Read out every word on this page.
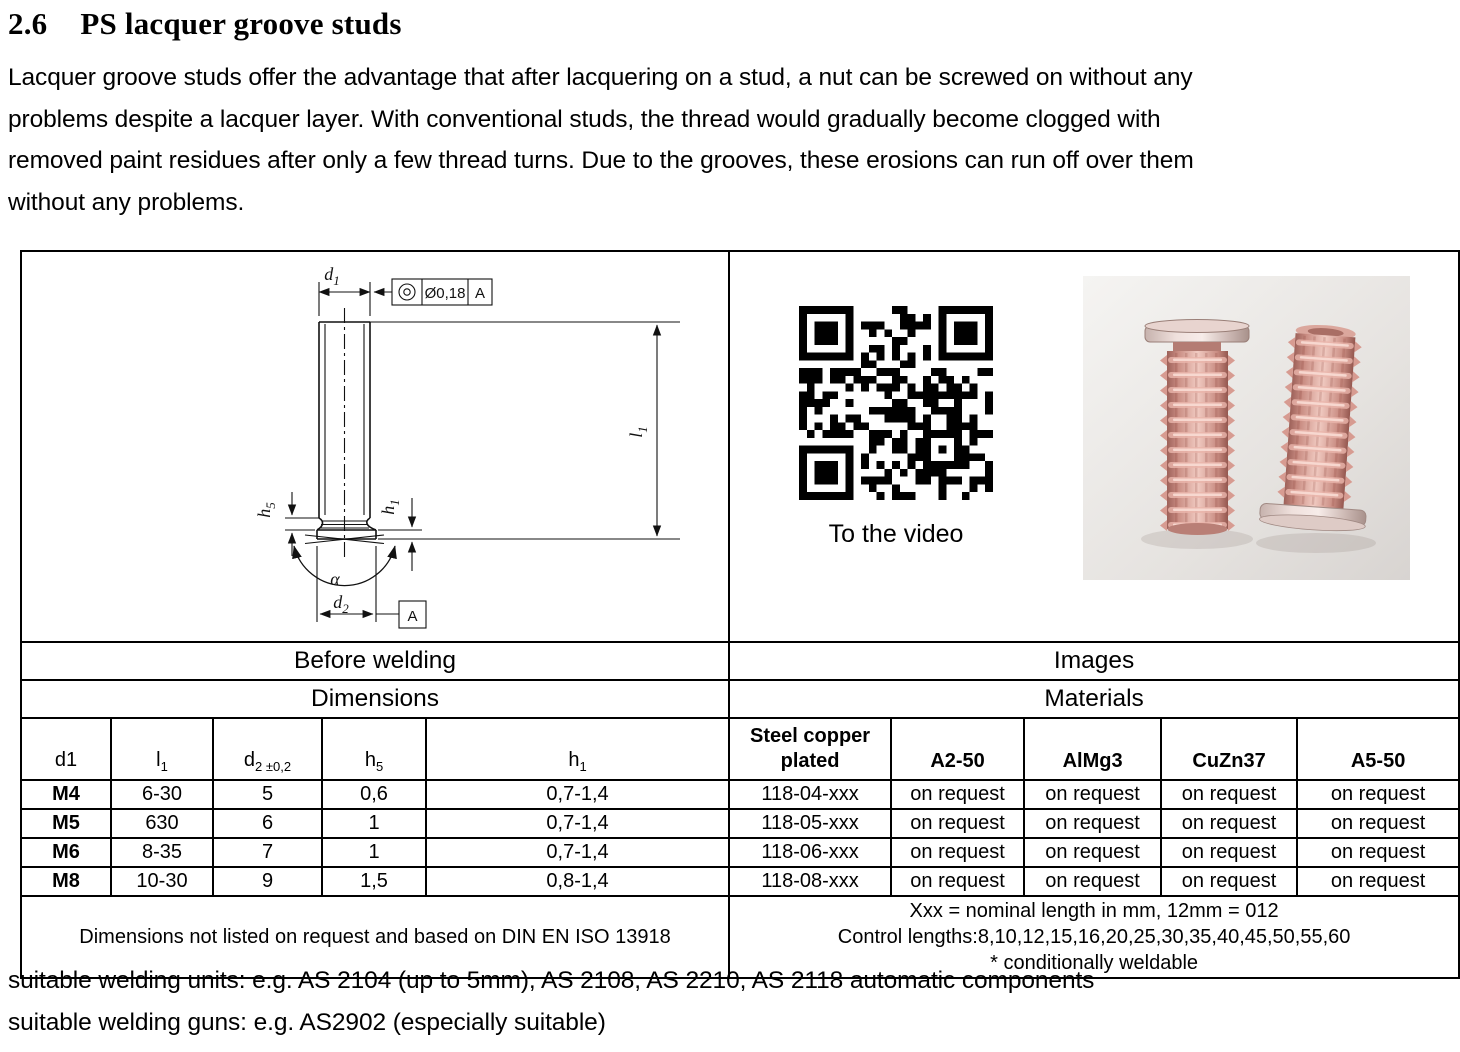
2.6 PS lacquer groove studs
Lacquer groove studs offer the advantage that after lacquering on a stud, a nut can be screwed on without any
problems despite a lacquer layer. With conventional studs, the thread would gradually become clogged with
removed paint residues after only a few thread turns. Due to the grooves, these erosions can run off over them
without any problems.
$d_1$
Ø0,18 A
$l_1$
$h_5$
$h_1$
α
$d_2$	A

To the video

Before welding					Images				
Dimensions					Materials				
d1	$l_1$	$d_{2 \pm 0,2}$	$h_5$	$h_1$	Steel copper plated	A2-50	AlMg3	CuZn37	A5-50
M4	6-30	5	0,6	0,7-1,4	118-04-xxx	on request	on request	on request	on request
M5	630	6	1	0,7-1,4	118-05-xxx	on request	on request	on request	on request
M6	8-35	7	1	0,7-1,4	118-06-xxx	on request	on request	on request	on request
M8	10-30	9	1,5	0,8-1,4	118-08-xxx	on request	on request	on request	on request
Dimensions not listed on request and based on DIN EN ISO 13918					Xxx = nominal length in mm, 12mm = 012
Control lengths:8,10,12,15,16,20,25,30,35,40,45,50,55,60
* conditionally weldable				
suitable welding units: e.g. AS 2104 (up to 5mm), AS 2108, AS 2210, AS 2118 automatic components
suitable welding guns: e.g. AS2902 (especially suitable)
